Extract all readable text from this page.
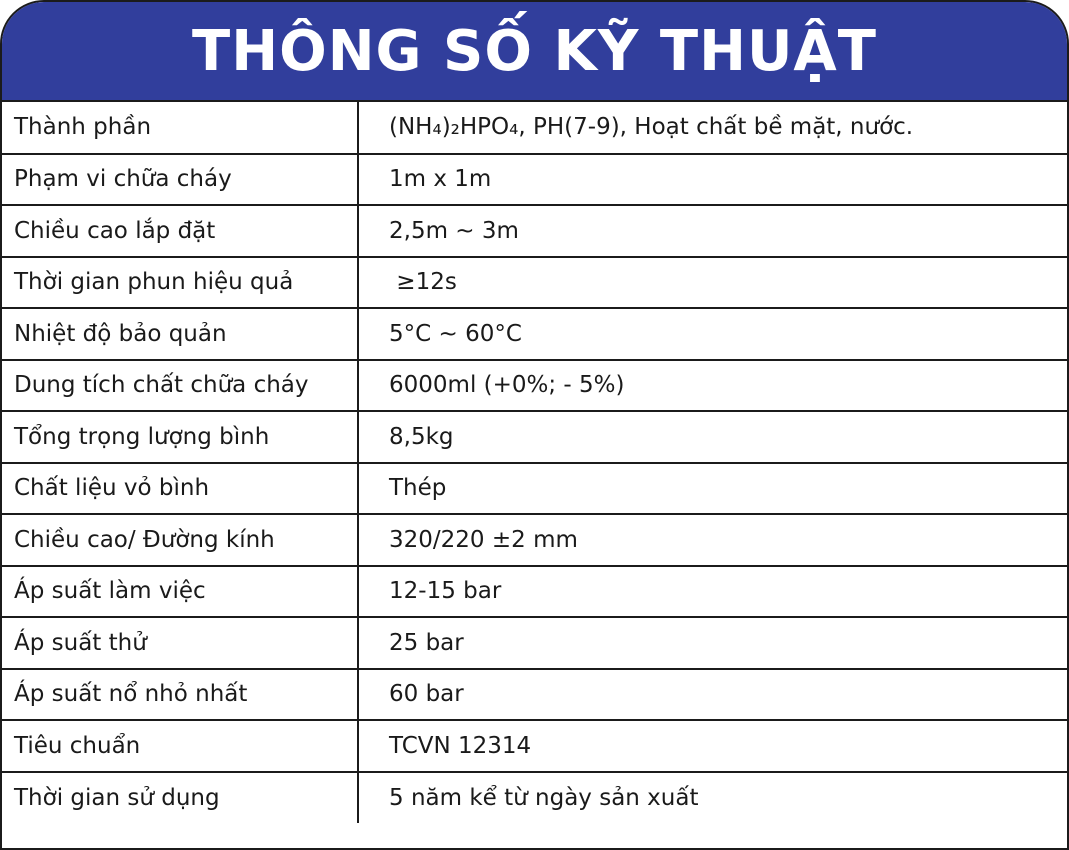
THÔNG SỐ KỸ THUẬT
Thành phần	(NH₄)₂HPO₄, PH(7-9), Hoạt chất bề mặt, nước.
Phạm vi chữa cháy	1m x 1m
Chiều cao lắp đặt	2,5m ~ 3m
Thời gian phun hiệu quả	≥12s
Nhiệt độ bảo quản	5°C ~ 60°C
Dung tích chất chữa cháy	6000ml (+0%; - 5%)
Tổng trọng lượng bình	8,5kg
Chất liệu vỏ bình	Thép
Chiều cao/ Đường kính	320/220 ±2 mm
Áp suất làm việc	12-15 bar
Áp suất thử	25 bar
Áp suất nổ nhỏ nhất	60 bar
Tiêu chuẩn	TCVN 12314
Thời gian sử dụng	5 năm kể từ ngày sản xuất
